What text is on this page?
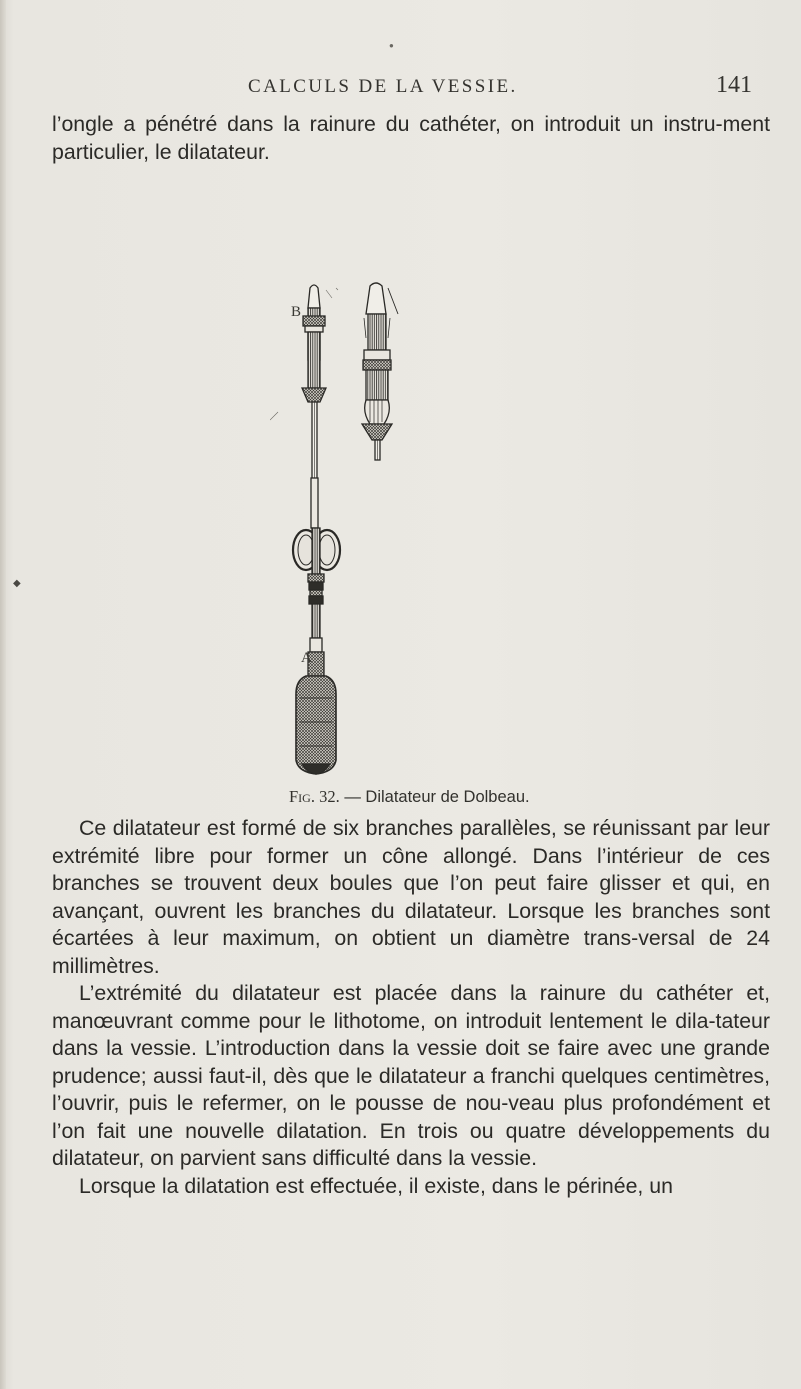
CALCULS DE LA VESSIE.	141
●

l’ongle a pénétré dans la rainure du cathéter, on introduit un instru-ment particulier, le dilatateur.

B
A
Fig. 32. — Dilatateur de Dolbeau.
◆

Ce dilatateur est formé de six branches parallèles, se réunissant par leur extrémité libre pour former un cône allongé. Dans l’intérieur de ces branches se trouvent deux boules que l’on peut faire glisser et qui, en avançant, ouvrent les branches du dilatateur. Lorsque les branches sont écartées à leur maximum, on obtient un diamètre trans-versal de 24 millimètres.

L’extrémité du dilatateur est placée dans la rainure du cathéter et, manœuvrant comme pour le lithotome, on introduit lentement le dila-tateur dans la vessie. L’introduction dans la vessie doit se faire avec une grande prudence; aussi faut-il, dès que le dilatateur a franchi quelques centimètres, l’ouvrir, puis le refermer, on le pousse de nou-veau plus profondément et l’on fait une nouvelle dilatation. En trois ou quatre développements du dilatateur, on parvient sans difficulté dans la vessie.

Lorsque la dilatation est effectuée, il existe, dans le périnée, un
